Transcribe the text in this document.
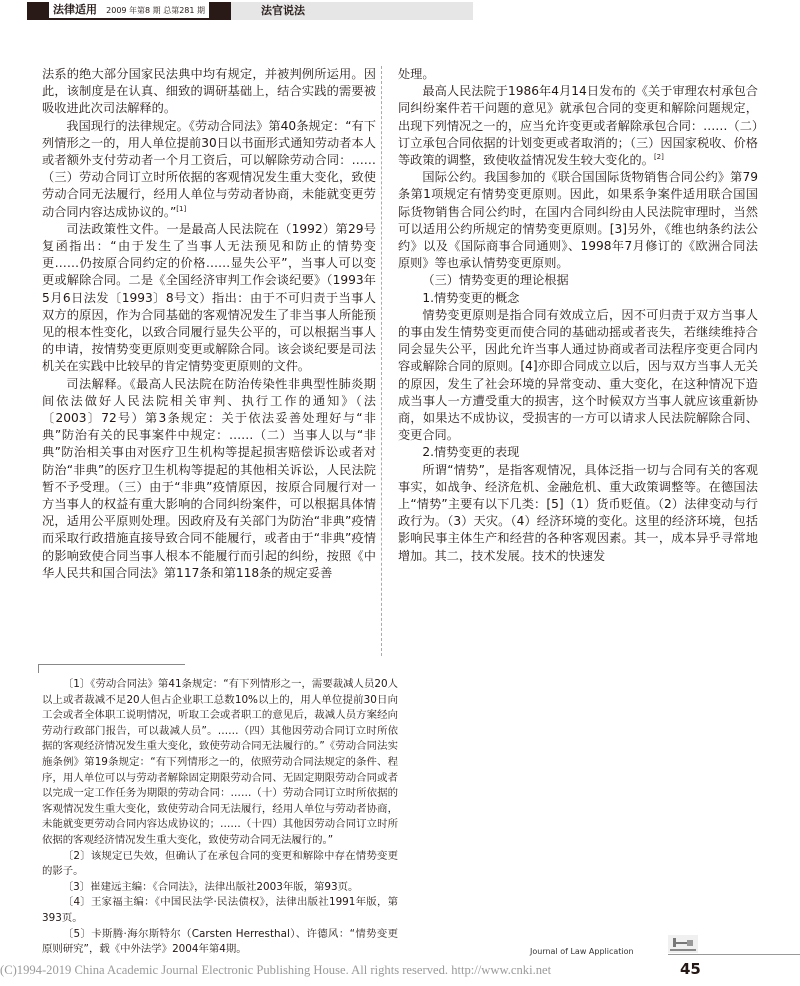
法律适用 2009 年第8 期 总第281 期	法官说法

法系的绝大部分国家民法典中均有规定，并被判例所运用。因此，该制度是在认真、细致的调研基础上，结合实践的需要被吸收进此次司法解释的。

我国现行的法律规定。《劳动合同法》第40条规定：“有下列情形之一的，用人单位提前30日以书面形式通知劳动者本人或者额外支付劳动者一个月工资后，可以解除劳动合同：……（三）劳动合同订立时所依据的客观情况发生重大变化，致使劳动合同无法履行，经用人单位与劳动者协商，未能就变更劳动合同内容达成协议的。”[1]

司法政策性文件。一是最高人民法院在（1992）第29号复函指出：“由于发生了当事人无法预见和防止的情势变更……仍按原合同约定的价格……显失公平”，当事人可以变更或解除合同。二是《全国经济审判工作会谈纪要》（1993年5月6日法发〔1993〕8号文）指出：由于不可归责于当事人双方的原因，作为合同基础的客观情况发生了非当事人所能预见的根本性变化，以致合同履行显失公平的，可以根据当事人的申请，按情势变更原则变更或解除合同。该会谈纪要是司法机关在实践中比较早的肯定情势变更原则的文件。

司法解释。《最高人民法院在防治传染性非典型性肺炎期间依法做好人民法院相关审判、执行工作的通知》（法〔2003〕72号）第3条规定：关于依法妥善处理好与“非典”防治有关的民事案件中规定：……（二）当事人以与“非典”防治相关事由对医疗卫生机构等提起损害赔偿诉讼或者对防治“非典”的医疗卫生机构等提起的其他相关诉讼，人民法院暂不予受理。（三）由于“非典”疫情原因，按原合同履行对一方当事人的权益有重大影响的合同纠纷案件，可以根据具体情况，适用公平原则处理。因政府及有关部门为防治“非典”疫情而采取行政措施直接导致合同不能履行，或者由于“非典”疫情的影响致使合同当事人根本不能履行而引起的纠纷，按照《中华人民共和国合同法》第117条和第118条的规定妥善

处理。

最高人民法院于1986年4月14日发布的《关于审理农村承包合同纠纷案件若干问题的意见》就承包合同的变更和解除问题规定，出现下列情况之一的，应当允许变更或者解除承包合同：……（二）订立承包合同依据的计划变更或者取消的；（三）因国家税收、价格等政策的调整，致使收益情况发生较大变化的。[2]

国际公约。我国参加的《联合国国际货物销售合同公约》第79条第1项规定有情势变更原则。因此，如果系争案件适用联合国国际货物销售合同公约时，在国内合同纠纷由人民法院审理时，当然可以适用公约所规定的情势变更原则。[3]另外，《维也纳条约法公约》以及《国际商事合同通则》、1998年7月修订的《欧洲合同法原则》等也承认情势变更原则。

（三）情势变更的理论根据

1.情势变更的概念

情势变更原则是指合同有效成立后，因不可归责于双方当事人的事由发生情势变更而使合同的基础动摇或者丧失，若继续维持合同会显失公平，因此允许当事人通过协商或者司法程序变更合同内容或解除合同的原则。[4]亦即合同成立以后，因与双方当事人无关的原因，发生了社会环境的异常变动、重大变化，在这种情况下造成当事人一方遭受重大的损害，这个时候双方当事人就应该重新协商，如果达不成协议，受损害的一方可以请求人民法院解除合同、变更合同。

2.情势变更的表现

所谓“情势”，是指客观情况，具体泛指一切与合同有关的客观事实，如战争、经济危机、金融危机、重大政策调整等。在德国法上“情势”主要有以下几类：[5]（1）货币贬值。（2）法律变动与行政行为。（3）天灾。（4）经济环境的变化。这里的经济环境，包括影响民事主体生产和经营的各种客观因素。其一，成本异乎寻常地增加。其二，技术发展。技术的快速发

〔1〕《劳动合同法》第41条规定：“有下列情形之一，需要裁减人员20人以上或者裁减不足20人但占企业职工总数10%以上的，用人单位提前30日向工会或者全体职工说明情况，听取工会或者职工的意见后，裁减人员方案经向劳动行政部门报告，可以裁减人员”。……（四）其他因劳动合同订立时所依据的客观经济情况发生重大变化，致使劳动合同无法履行的。”《劳动合同法实施条例》第19条规定：“有下列情形之一的，依照劳动合同法规定的条件、程序，用人单位可以与劳动者解除固定期限劳动合同、无固定期限劳动合同或者以完成一定工作任务为期限的劳动合同：……（十）劳动合同订立时所依据的客观情况发生重大变化，致使劳动合同无法履行，经用人单位与劳动者协商，未能就变更劳动合同内容达成协议的；……（十四）其他因劳动合同订立时所依据的客观经济情况发生重大变化，致使劳动合同无法履行的。”

〔2〕该规定已失效，但确认了在承包合同的变更和解除中存在情势变更的影子。

〔3〕崔建远主编：《合同法》，法律出版社2003年版，第93页。

〔4〕王家福主编：《中国民法学·民法债权》，法律出版社1991年版，第393页。

〔5〕卡斯腾·海尔斯特尔（Carsten Herresthal）、许德风：“情势变更原则研究”，载《中外法学》2004年第4期。	Journal of Law Application
45
(C)1994-2019 China Academic Journal Electronic Publishing House. All rights reserved. http://www.cnki.net
